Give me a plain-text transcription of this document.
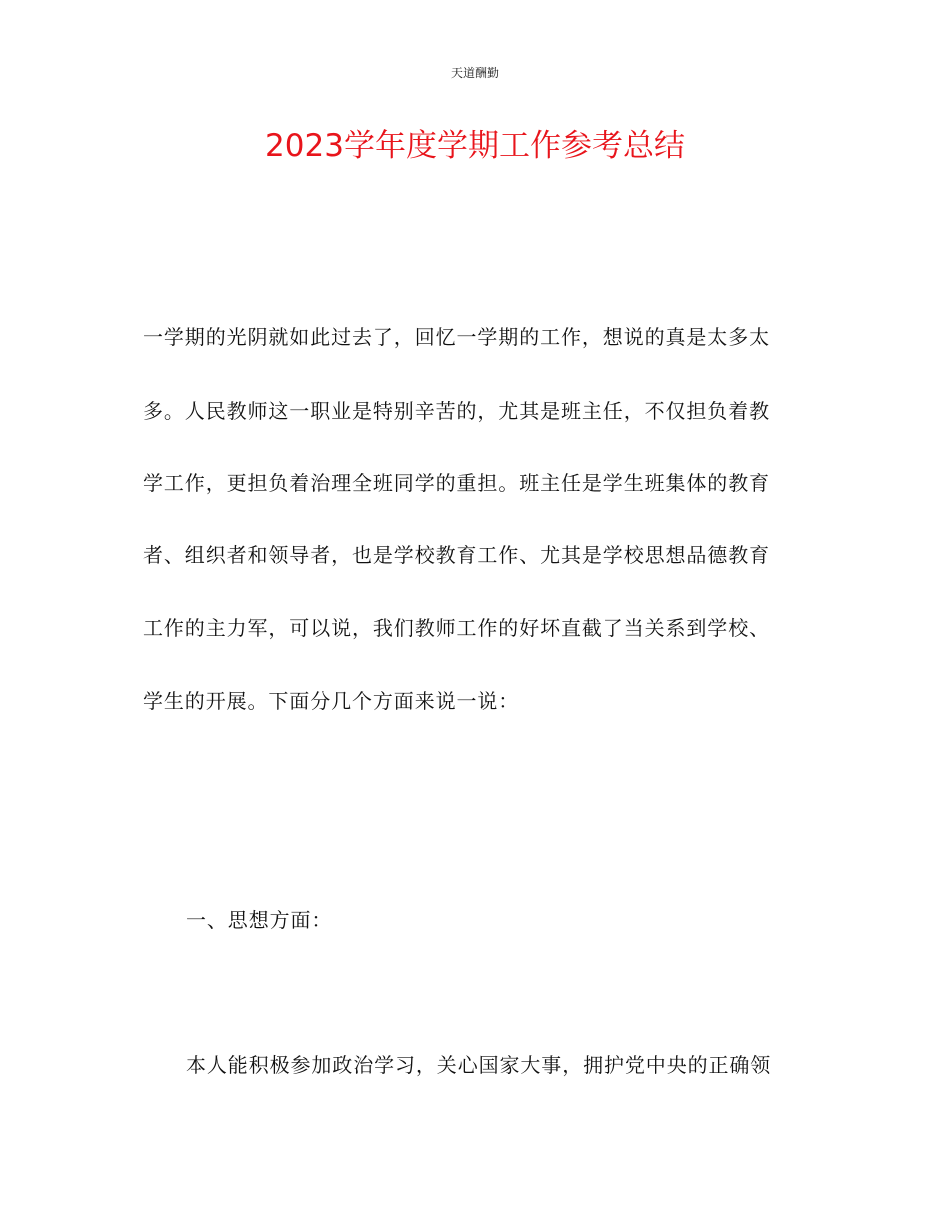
天道酬勤
2023学年度学期工作参考总结
一学期的光阴就如此过去了，回忆一学期的工作，想说的真是太多太
多。人民教师这一职业是特别辛苦的，尤其是班主任，不仅担负着教
学工作，更担负着治理全班同学的重担。班主任是学生班集体的教育
者、组织者和领导者，也是学校教育工作、尤其是学校思想品德教育
工作的主力军，可以说，我们教师工作的好坏直截了当关系到学校、
学生的开展。下面分几个方面来说一说：
一、思想方面：
本人能积极参加政治学习，关心国家大事，拥护党中央的正确领
